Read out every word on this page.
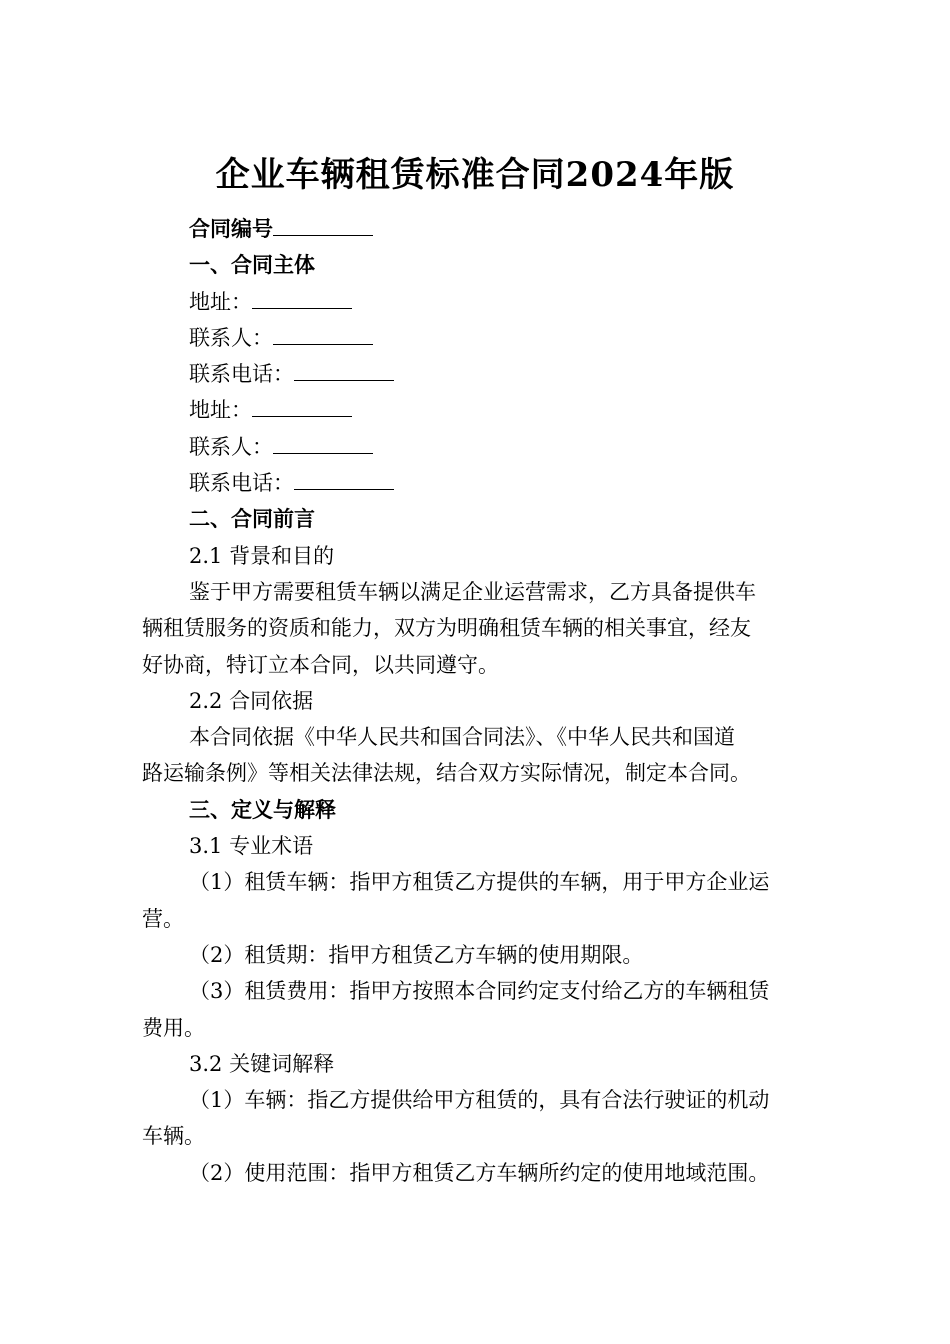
企业车辆租赁标准合同2024年版

合同编号

一、合同主体

地址：

联系人：

联系电话：

地址：

联系人：

联系电话：

二、合同前言

2.1 背景和目的

鉴于甲方需要租赁车辆以满足企业运营需求，乙方具备提供车

辆租赁服务的资质和能力，双方为明确租赁车辆的相关事宜，经友

好协商，特订立本合同，以共同遵守。

2.2 合同依据

本合同依据《中华人民共和国合同法》、《中华人民共和国道

路运输条例》等相关法律法规，结合双方实际情况，制定本合同。

三、定义与解释

3.1 专业术语

（1）租赁车辆：指甲方租赁乙方提供的车辆，用于甲方企业运

营。

（2）租赁期：指甲方租赁乙方车辆的使用期限。

（3）租赁费用：指甲方按照本合同约定支付给乙方的车辆租赁

费用。

3.2 关键词解释

（1）车辆：指乙方提供给甲方租赁的，具有合法行驶证的机动

车辆。

（2）使用范围：指甲方租赁乙方车辆所约定的使用地域范围。
